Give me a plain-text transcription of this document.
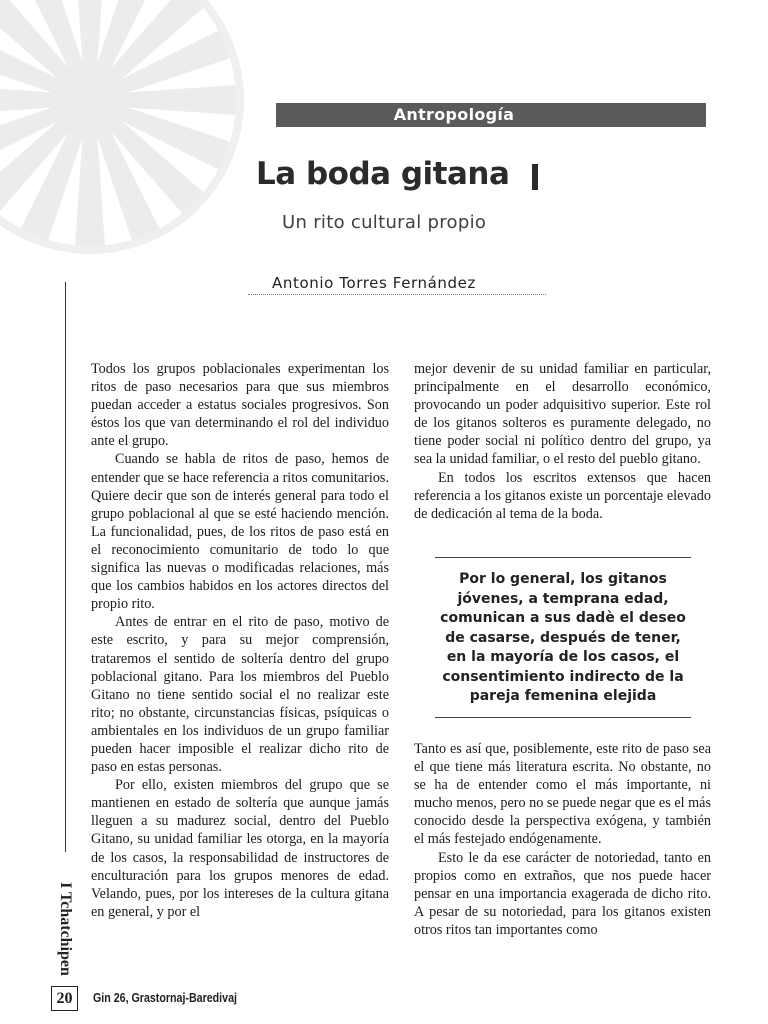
Antropología
La boda gitana
Un rito cultural propio
Antonio Torres Fernández
I Tchatchipen

Todos los grupos poblacionales experimentan los ritos de paso necesarios para que sus miembros puedan acceder a estatus sociales progresivos. Son éstos los que van determinando el rol del individuo ante el grupo.

Cuando se habla de ritos de paso, hemos de entender que se hace referencia a ritos comunitarios. Quiere decir que son de interés general para todo el grupo poblacional al que se esté haciendo mención. La funcionalidad, pues, de los ritos de paso está en el reconocimiento comunitario de todo lo que significa las nuevas o modificadas relaciones, más que los cambios habidos en los actores directos del propio rito.

Antes de entrar en el rito de paso, motivo de este escrito, y para su mejor comprensión, trataremos el sentido de soltería dentro del grupo poblacional gitano. Para los miembros del Pueblo Gitano no tiene sentido social el no realizar este rito; no obstante, circunstancias físicas, psíquicas o ambientales en los individuos de un grupo familiar pueden hacer imposible el realizar dicho rito de paso en estas personas.

Por ello, existen miembros del grupo que se mantienen en estado de soltería que aunque jamás lleguen a su madurez social, dentro del Pueblo Gitano, su unidad familiar les otorga, en la mayoría de los casos, la responsabilidad de instructores de enculturación para los grupos menores de edad. Velando, pues, por los intereses de la cultura gitana en general, y por el

mejor devenir de su unidad familiar en particular, principalmente en el desarrollo económico, provocando un poder adquisitivo superior. Este rol de los gitanos solteros es puramente delegado, no tiene poder social ni político dentro del grupo, ya sea la unidad familiar, o el resto del pueblo gitano.

En todos los escritos extensos que hacen referencia a los gitanos existe un porcentaje elevado de dedicación al tema de la boda.

Por lo general, los gitanos jóvenes, a temprana edad, comunican a sus dadè el deseo de casarse, después de tener, en la mayoría de los casos, el consentimiento indirecto de la pareja femenina elejida

Tanto es así que, posiblemente, este rito de paso sea el que tiene más literatura escrita. No obstante, no se ha de entender como el más importante, ni mucho menos, pero no se puede negar que es el más conocido desde la perspectiva exógena, y también el más festejado endógenamente.

Esto le da ese carácter de notoriedad, tanto en propios como en extraños, que nos puede hacer pensar en una importancia exagerada de dicho rito. A pesar de su notoriedad, para los gitanos existen otros ritos tan importantes como

20	Gin 26, Grastornaj-Baredivaj
